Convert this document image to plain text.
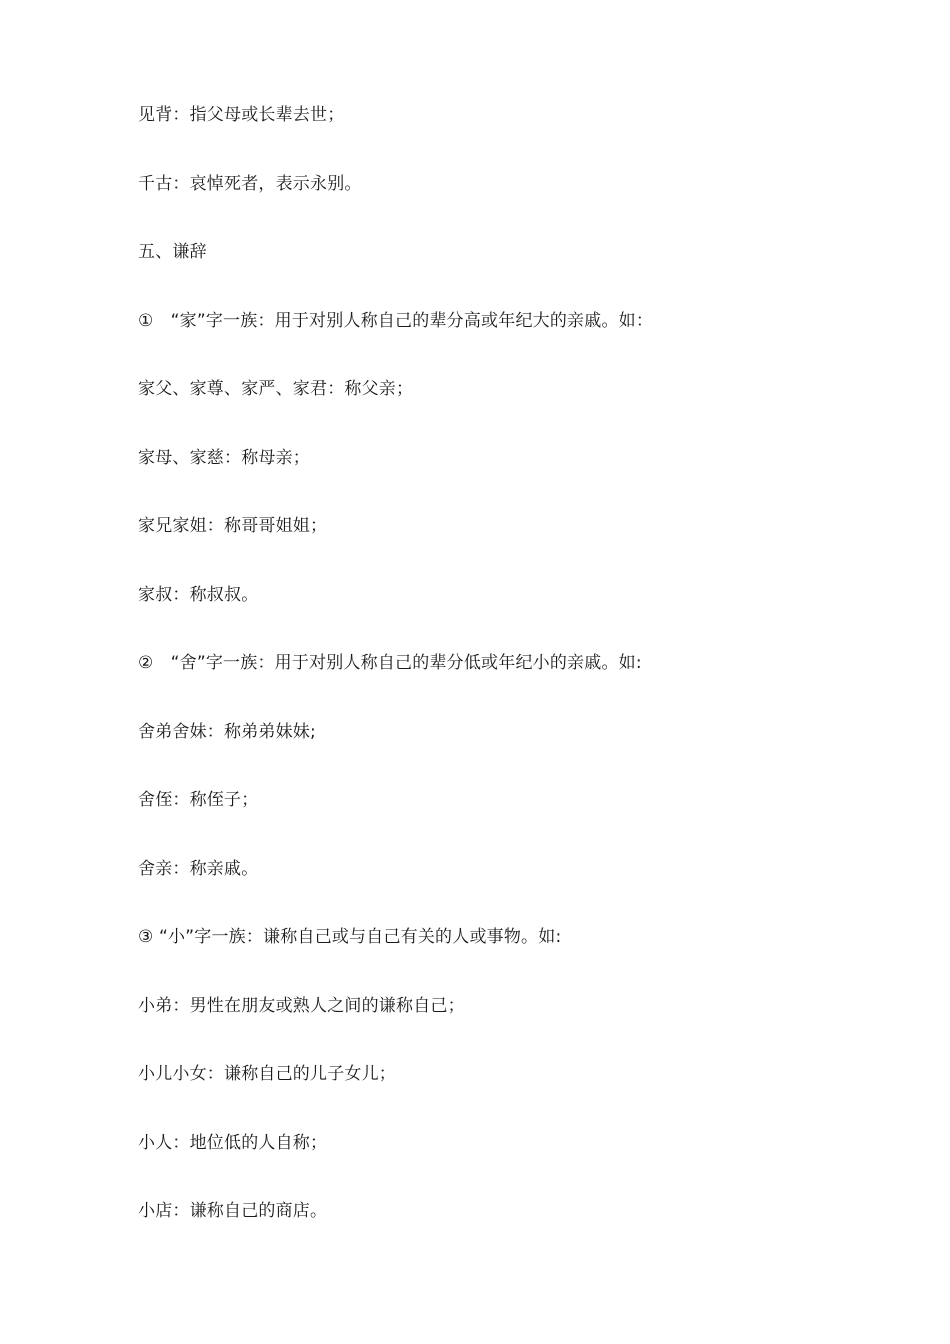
见背：指父母或长辈去世；
千古：哀悼死者，表示永别。
五、谦辞
①　“家”字一族：用于对别人称自己的辈分高或年纪大的亲戚。如：
家父、家尊、家严、家君：称父亲；
家母、家慈：称母亲；
家兄家姐：称哥哥姐姐；
家叔：称叔叔。
②　“舍”字一族：用于对别人称自己的辈分低或年纪小的亲戚。如:
舍弟舍妹：称弟弟妹妹;
舍侄：称侄子；
舍亲：称亲戚。
③ “小”字一族：谦称自己或与自己有关的人或事物。如:
小弟：男性在朋友或熟人之间的谦称自己；
小儿小女：谦称自己的儿子女儿；
小人：地位低的人自称；
小店：谦称自己的商店。
